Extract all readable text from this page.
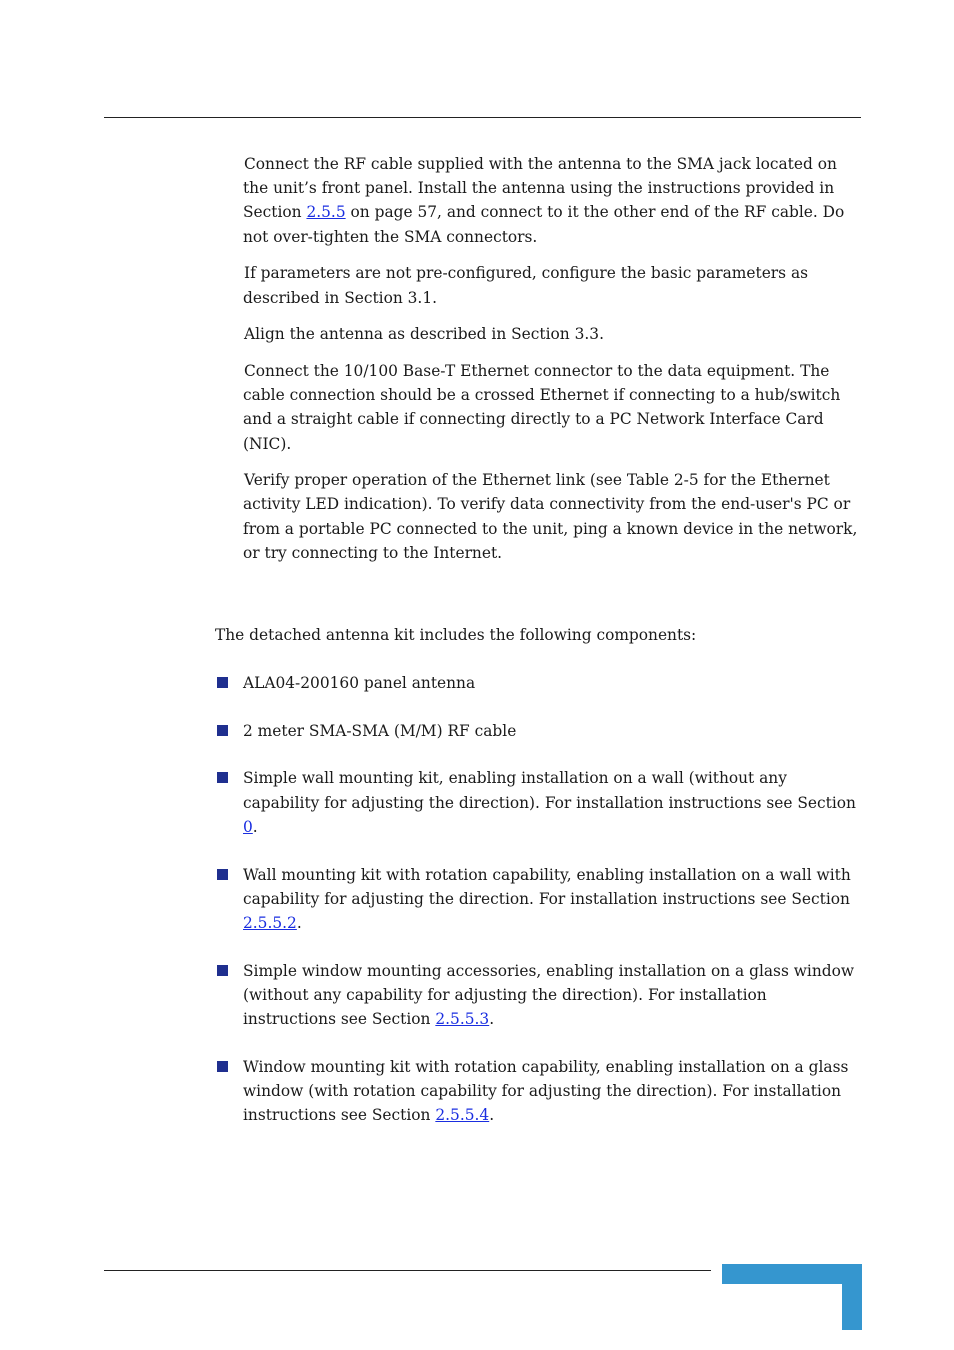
Connect the RF cable supplied with the antenna to the SMA jack located on the unit’s front panel. Install the antenna using the instructions provided in Section 2.5.5 on page 57, and connect to it the other end of the RF cable. Do not over-tighten the SMA connectors.

If parameters are not pre-configured, configure the basic parameters as described in Section 3.1.

Align the antenna as described in Section 3.3.

Connect the 10/100 Base-T Ethernet connector to the data equipment. The cable connection should be a crossed Ethernet if connecting to a hub/switch and a straight cable if connecting directly to a PC Network Interface Card (NIC).

Verify proper operation of the Ethernet link (see Table 2-5 for the Ethernet activity LED indication). To verify data connectivity from the end-user's PC or from a portable PC connected to the unit, ping a known device in the network, or try connecting to the Internet.

The detached antenna kit includes the following components:

ALA04-200160 panel antenna
2 meter SMA-SMA (M/M) RF cable
Simple wall mounting kit, enabling installation on a wall (without any capability for adjusting the direction). For installation instructions see Section 0.
Wall mounting kit with rotation capability, enabling installation on a wall with capability for adjusting the direction. For installation instructions see Section 2.5.5.2.
Simple window mounting accessories, enabling installation on a glass window (without any capability for adjusting the direction). For installation instructions see Section 2.5.5.3.
Window mounting kit with rotation capability, enabling installation on a glass window (with rotation capability for adjusting the direction). For installation instructions see Section 2.5.5.4.
